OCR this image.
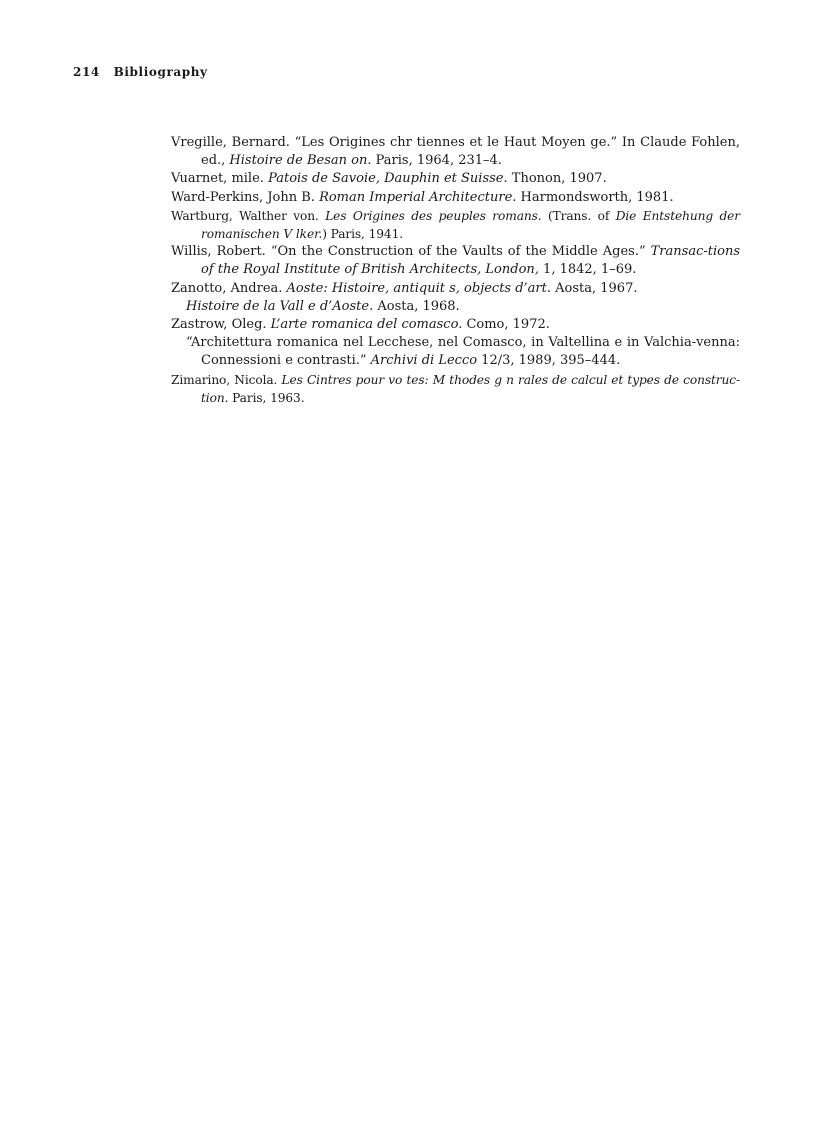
214 Bibliography
Vregille, Bernard. “Les Origines chr tiennes et le Haut Moyen ge.” In Claude Fohlen, ed., Histoire de Besan on. Paris, 1964, 231–4.
Vuarnet, mile. Patois de Savoie, Dauphin et Suisse. Thonon, 1907.
Ward-Perkins, John B. Roman Imperial Architecture. Harmondsworth, 1981.
Wartburg, Walther von. Les Origines des peuples romans. (Trans. of Die Entstehung der romanischen V lker.) Paris, 1941.
Willis, Robert. “On the Construction of the Vaults of the Middle Ages.” Transac-tions of the Royal Institute of British Architects, London, 1, 1842, 1–69.
Zanotto, Andrea. Aoste: Histoire, antiquit s, objects d’art. Aosta, 1967.
Histoire de la Vall e d’Aoste. Aosta, 1968.
Zastrow, Oleg. L’arte romanica del comasco. Como, 1972.
“Architettura romanica nel Lecchese, nel Comasco, in Valtellina e in Valchia-venna: Connessioni e contrasti.” Archivi di Lecco 12/3, 1989, 395–444.
Zimarino, Nicola. Les Cintres pour vo tes: M thodes g n rales de calcul et types de construc-tion. Paris, 1963.
